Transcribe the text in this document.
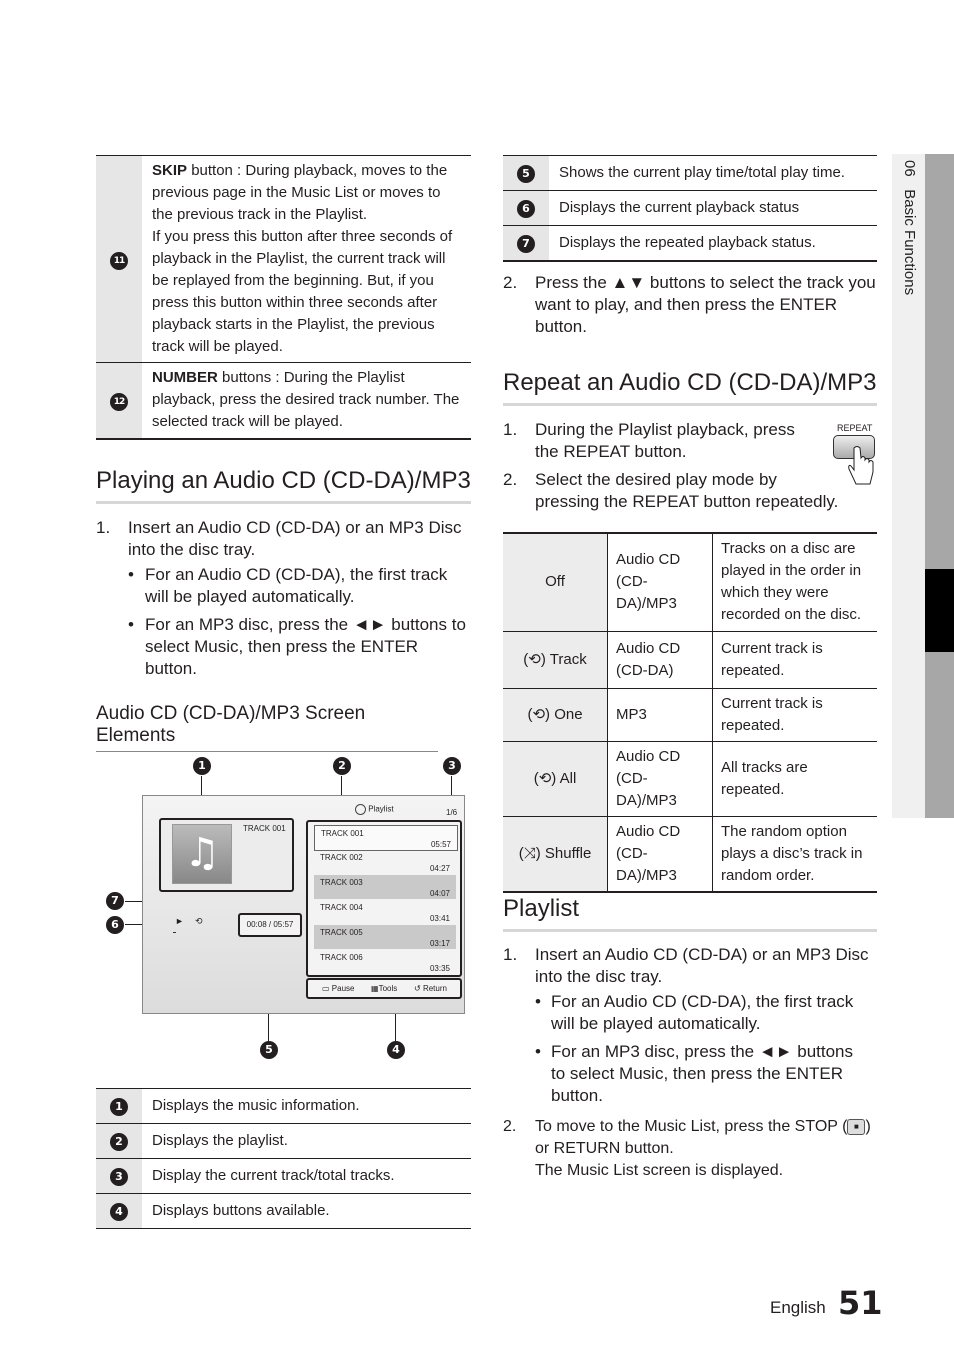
06   Basic Functions
11	SKIP button : During playback, moves to the previous page in the Music List or moves to the previous track in the Playlist.
If you press this button after three seconds of playback in the Playlist, the current track will be replayed from the beginning. But, if you press this button within three seconds after playback starts in the Playlist, the previous track will be played.
12	NUMBER buttons : During the Playlist playback, press the desired track number. The selected track will be played.
Playing an Audio CD (CD-DA)/MP3
1. Insert an Audio CD (CD-DA) or an MP3 Disc into the disc tray.
• For an Audio CD (CD-DA), the first track will be played automatically.
• For an MP3 disc, press the ◄► buttons to select Music, then press the ENTER
button.
Audio CD (CD-DA)/MP3 Screen Elements
1	2	3
4
5
6
7
♫
TRACK 001
Playlist	1/6
TRACK 001
05:57
TRACK 002
04:27
TRACK 003
04:07
TRACK 004
03:41
TRACK 005
03:17
TRACK 006
03:35
► ⟲	00:08 / 05:57
▭ Pause ▦Tools ↺ Return
1	Displays the music information.
2	Displays the playlist.
3	Display the current track/total tracks.
4	Displays buttons available.
5	Shows the current play time/total play time.
6	Displays the current playback status
7	Displays the repeated playback status.
2. Press the ▲▼ buttons to select the track you want to play, and then press the ENTER
button.
Repeat an Audio CD (CD-DA)/MP3
1. During the Playlist playback, press the REPEAT button.
2. Select the desired play mode by pressing the REPEAT button repeatedly.
REPEAT
Off	Audio CD (CD-DA)/MP3	Tracks on a disc are played in the order in which they were recorded on the disc.
(⟲) Track	Audio CD (CD-DA)	Current track is repeated.
(⟲) One	MP3	Current track is repeated.
(⟲) All	Audio CD (CD-DA)/MP3	All tracks are repeated.
(⤨) Shuffle	Audio CD (CD-DA)/MP3	The random option plays a disc’s track in random order.
Playlist
1. Insert an Audio CD (CD-DA) or an MP3 Disc into the disc tray.
• For an Audio CD (CD-DA), the first track will be played automatically.
• For an MP3 disc, press the ◄► buttons to select Music, then press the ENTER
button.
2. To move to the Music List, press the STOP ( ■ ) or RETURN button.
The Music List screen is displayed.
English 51
